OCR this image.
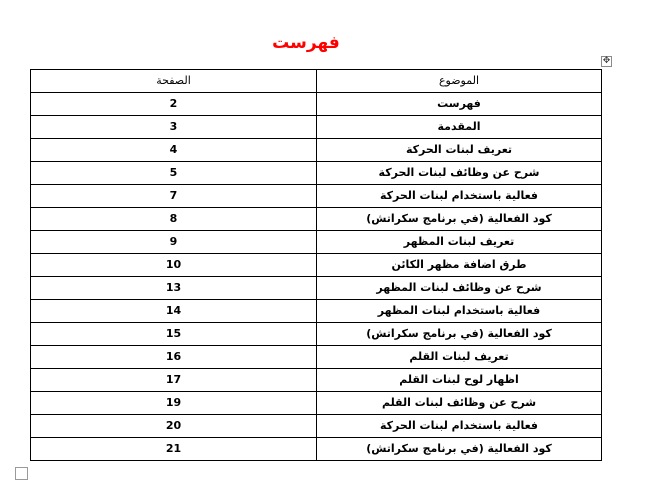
فهرست
✥
الموضوع	الصفحة
فهرست	2
المقدمة	3
تعريف لبنات الحركة	4
شرح عن وظائف لبنات الحركة	5
فعالية باستخدام لبنات الحركة	7
كود الفعالية (في برنامج سكراتش)	8
تعريف لبنات المظهر	9
طرق اضافة مظهر الكائن	10
شرح عن وظائف لبنات المظهر	13
فعالية باستخدام لبنات المظهر	14
كود الفعالية (في برنامج سكراتش)	15
تعريف لبنات القلم	16
اظهار لوح لبنات القلم	17
شرح عن وظائف لبنات القلم	19
فعالية باستخدام لبنات الحركة	20
كود الفعالية (في برنامج سكراتش)	21
